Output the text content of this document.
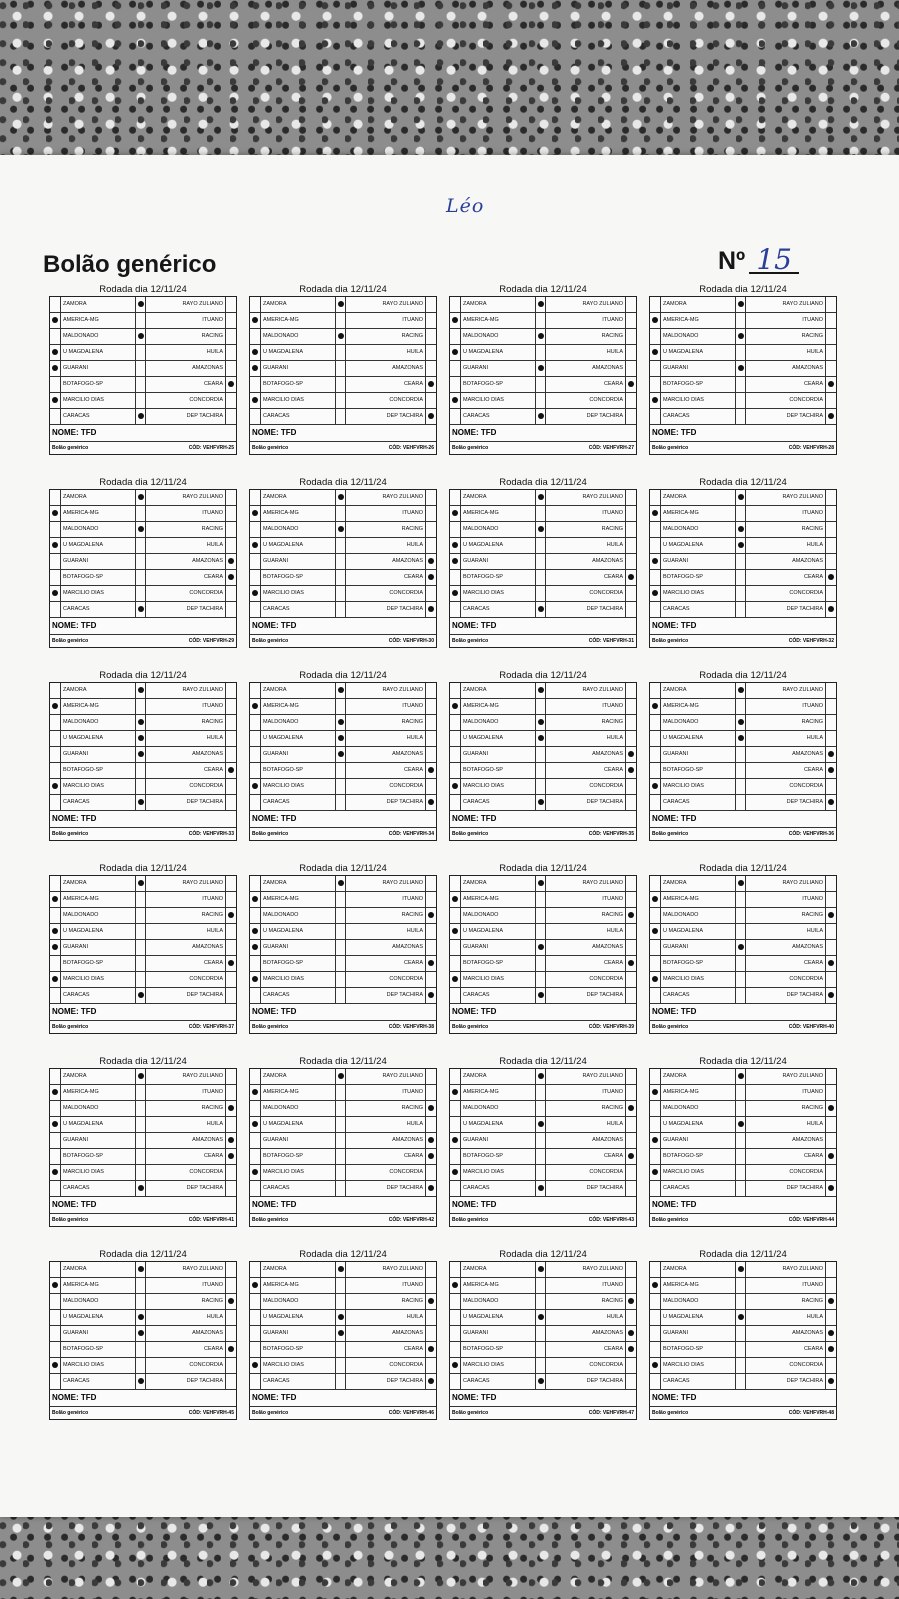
Léo
Bolão genérico	Nº 15
Rodada dia 12/11/24
ZAMORA	RAYO ZULIANO
AMERICA-MG	ITUANO
MALDONADO	RACING
U MAGDALENA	HUILA
GUARANI	AMAZONAS
BOTAFOGO-SP	CEARA
MARCILIO DIAS	CONCORDIA
CARACAS	DEP TACHIRA
NOME: TFD
Bolão genérico	CÓD: VEHFVRH-25
Rodada dia 12/11/24
ZAMORA	RAYO ZULIANO
AMERICA-MG	ITUANO
MALDONADO	RACING
U MAGDALENA	HUILA
GUARANI	AMAZONAS
BOTAFOGO-SP	CEARA
MARCILIO DIAS	CONCORDIA
CARACAS	DEP TACHIRA
NOME: TFD
Bolão genérico	CÓD: VEHFVRH-26
Rodada dia 12/11/24
ZAMORA	RAYO ZULIANO
AMERICA-MG	ITUANO
MALDONADO	RACING
U MAGDALENA	HUILA
GUARANI	AMAZONAS
BOTAFOGO-SP	CEARA
MARCILIO DIAS	CONCORDIA
CARACAS	DEP TACHIRA
NOME: TFD
Bolão genérico	CÓD: VEHFVRH-27
Rodada dia 12/11/24
ZAMORA	RAYO ZULIANO
AMERICA-MG	ITUANO
MALDONADO	RACING
U MAGDALENA	HUILA
GUARANI	AMAZONAS
BOTAFOGO-SP	CEARA
MARCILIO DIAS	CONCORDIA
CARACAS	DEP TACHIRA
NOME: TFD
Bolão genérico	CÓD: VEHFVRH-28
Rodada dia 12/11/24
ZAMORA	RAYO ZULIANO
AMERICA-MG	ITUANO
MALDONADO	RACING
U MAGDALENA	HUILA
GUARANI	AMAZONAS
BOTAFOGO-SP	CEARA
MARCILIO DIAS	CONCORDIA
CARACAS	DEP TACHIRA
NOME: TFD
Bolão genérico	CÓD: VEHFVRH-29
Rodada dia 12/11/24
ZAMORA	RAYO ZULIANO
AMERICA-MG	ITUANO
MALDONADO	RACING
U MAGDALENA	HUILA
GUARANI	AMAZONAS
BOTAFOGO-SP	CEARA
MARCILIO DIAS	CONCORDIA
CARACAS	DEP TACHIRA
NOME: TFD
Bolão genérico	CÓD: VEHFVRH-30
Rodada dia 12/11/24
ZAMORA	RAYO ZULIANO
AMERICA-MG	ITUANO
MALDONADO	RACING
U MAGDALENA	HUILA
GUARANI	AMAZONAS
BOTAFOGO-SP	CEARA
MARCILIO DIAS	CONCORDIA
CARACAS	DEP TACHIRA
NOME: TFD
Bolão genérico	CÓD: VEHFVRH-31
Rodada dia 12/11/24
ZAMORA	RAYO ZULIANO
AMERICA-MG	ITUANO
MALDONADO	RACING
U MAGDALENA	HUILA
GUARANI	AMAZONAS
BOTAFOGO-SP	CEARA
MARCILIO DIAS	CONCORDIA
CARACAS	DEP TACHIRA
NOME: TFD
Bolão genérico	CÓD: VEHFVRH-32
Rodada dia 12/11/24
ZAMORA	RAYO ZULIANO
AMERICA-MG	ITUANO
MALDONADO	RACING
U MAGDALENA	HUILA
GUARANI	AMAZONAS
BOTAFOGO-SP	CEARA
MARCILIO DIAS	CONCORDIA
CARACAS	DEP TACHIRA
NOME: TFD
Bolão genérico	CÓD: VEHFVRH-33
Rodada dia 12/11/24
ZAMORA	RAYO ZULIANO
AMERICA-MG	ITUANO
MALDONADO	RACING
U MAGDALENA	HUILA
GUARANI	AMAZONAS
BOTAFOGO-SP	CEARA
MARCILIO DIAS	CONCORDIA
CARACAS	DEP TACHIRA
NOME: TFD
Bolão genérico	CÓD: VEHFVRH-34
Rodada dia 12/11/24
ZAMORA	RAYO ZULIANO
AMERICA-MG	ITUANO
MALDONADO	RACING
U MAGDALENA	HUILA
GUARANI	AMAZONAS
BOTAFOGO-SP	CEARA
MARCILIO DIAS	CONCORDIA
CARACAS	DEP TACHIRA
NOME: TFD
Bolão genérico	CÓD: VEHFVRH-35
Rodada dia 12/11/24
ZAMORA	RAYO ZULIANO
AMERICA-MG	ITUANO
MALDONADO	RACING
U MAGDALENA	HUILA
GUARANI	AMAZONAS
BOTAFOGO-SP	CEARA
MARCILIO DIAS	CONCORDIA
CARACAS	DEP TACHIRA
NOME: TFD
Bolão genérico	CÓD: VEHFVRH-36
Rodada dia 12/11/24
ZAMORA	RAYO ZULIANO
AMERICA-MG	ITUANO
MALDONADO	RACING
U MAGDALENA	HUILA
GUARANI	AMAZONAS
BOTAFOGO-SP	CEARA
MARCILIO DIAS	CONCORDIA
CARACAS	DEP TACHIRA
NOME: TFD
Bolão genérico	CÓD: VEHFVRH-37
Rodada dia 12/11/24
ZAMORA	RAYO ZULIANO
AMERICA-MG	ITUANO
MALDONADO	RACING
U MAGDALENA	HUILA
GUARANI	AMAZONAS
BOTAFOGO-SP	CEARA
MARCILIO DIAS	CONCORDIA
CARACAS	DEP TACHIRA
NOME: TFD
Bolão genérico	CÓD: VEHFVRH-38
Rodada dia 12/11/24
ZAMORA	RAYO ZULIANO
AMERICA-MG	ITUANO
MALDONADO	RACING
U MAGDALENA	HUILA
GUARANI	AMAZONAS
BOTAFOGO-SP	CEARA
MARCILIO DIAS	CONCORDIA
CARACAS	DEP TACHIRA
NOME: TFD
Bolão genérico	CÓD: VEHFVRH-39
Rodada dia 12/11/24
ZAMORA	RAYO ZULIANO
AMERICA-MG	ITUANO
MALDONADO	RACING
U MAGDALENA	HUILA
GUARANI	AMAZONAS
BOTAFOGO-SP	CEARA
MARCILIO DIAS	CONCORDIA
CARACAS	DEP TACHIRA
NOME: TFD
Bolão genérico	CÓD: VEHFVRH-40
Rodada dia 12/11/24
ZAMORA	RAYO ZULIANO
AMERICA-MG	ITUANO
MALDONADO	RACING
U MAGDALENA	HUILA
GUARANI	AMAZONAS
BOTAFOGO-SP	CEARA
MARCILIO DIAS	CONCORDIA
CARACAS	DEP TACHIRA
NOME: TFD
Bolão genérico	CÓD: VEHFVRH-41
Rodada dia 12/11/24
ZAMORA	RAYO ZULIANO
AMERICA-MG	ITUANO
MALDONADO	RACING
U MAGDALENA	HUILA
GUARANI	AMAZONAS
BOTAFOGO-SP	CEARA
MARCILIO DIAS	CONCORDIA
CARACAS	DEP TACHIRA
NOME: TFD
Bolão genérico	CÓD: VEHFVRH-42
Rodada dia 12/11/24
ZAMORA	RAYO ZULIANO
AMERICA-MG	ITUANO
MALDONADO	RACING
U MAGDALENA	HUILA
GUARANI	AMAZONAS
BOTAFOGO-SP	CEARA
MARCILIO DIAS	CONCORDIA
CARACAS	DEP TACHIRA
NOME: TFD
Bolão genérico	CÓD: VEHFVRH-43
Rodada dia 12/11/24
ZAMORA	RAYO ZULIANO
AMERICA-MG	ITUANO
MALDONADO	RACING
U MAGDALENA	HUILA
GUARANI	AMAZONAS
BOTAFOGO-SP	CEARA
MARCILIO DIAS	CONCORDIA
CARACAS	DEP TACHIRA
NOME: TFD
Bolão genérico	CÓD: VEHFVRH-44
Rodada dia 12/11/24
ZAMORA	RAYO ZULIANO
AMERICA-MG	ITUANO
MALDONADO	RACING
U MAGDALENA	HUILA
GUARANI	AMAZONAS
BOTAFOGO-SP	CEARA
MARCILIO DIAS	CONCORDIA
CARACAS	DEP TACHIRA
NOME: TFD
Bolão genérico	CÓD: VEHFVRH-45
Rodada dia 12/11/24
ZAMORA	RAYO ZULIANO
AMERICA-MG	ITUANO
MALDONADO	RACING
U MAGDALENA	HUILA
GUARANI	AMAZONAS
BOTAFOGO-SP	CEARA
MARCILIO DIAS	CONCORDIA
CARACAS	DEP TACHIRA
NOME: TFD
Bolão genérico	CÓD: VEHFVRH-46
Rodada dia 12/11/24
ZAMORA	RAYO ZULIANO
AMERICA-MG	ITUANO
MALDONADO	RACING
U MAGDALENA	HUILA
GUARANI	AMAZONAS
BOTAFOGO-SP	CEARA
MARCILIO DIAS	CONCORDIA
CARACAS	DEP TACHIRA
NOME: TFD
Bolão genérico	CÓD: VEHFVRH-47
Rodada dia 12/11/24
ZAMORA	RAYO ZULIANO
AMERICA-MG	ITUANO
MALDONADO	RACING
U MAGDALENA	HUILA
GUARANI	AMAZONAS
BOTAFOGO-SP	CEARA
MARCILIO DIAS	CONCORDIA
CARACAS	DEP TACHIRA
NOME: TFD
Bolão genérico	CÓD: VEHFVRH-48
